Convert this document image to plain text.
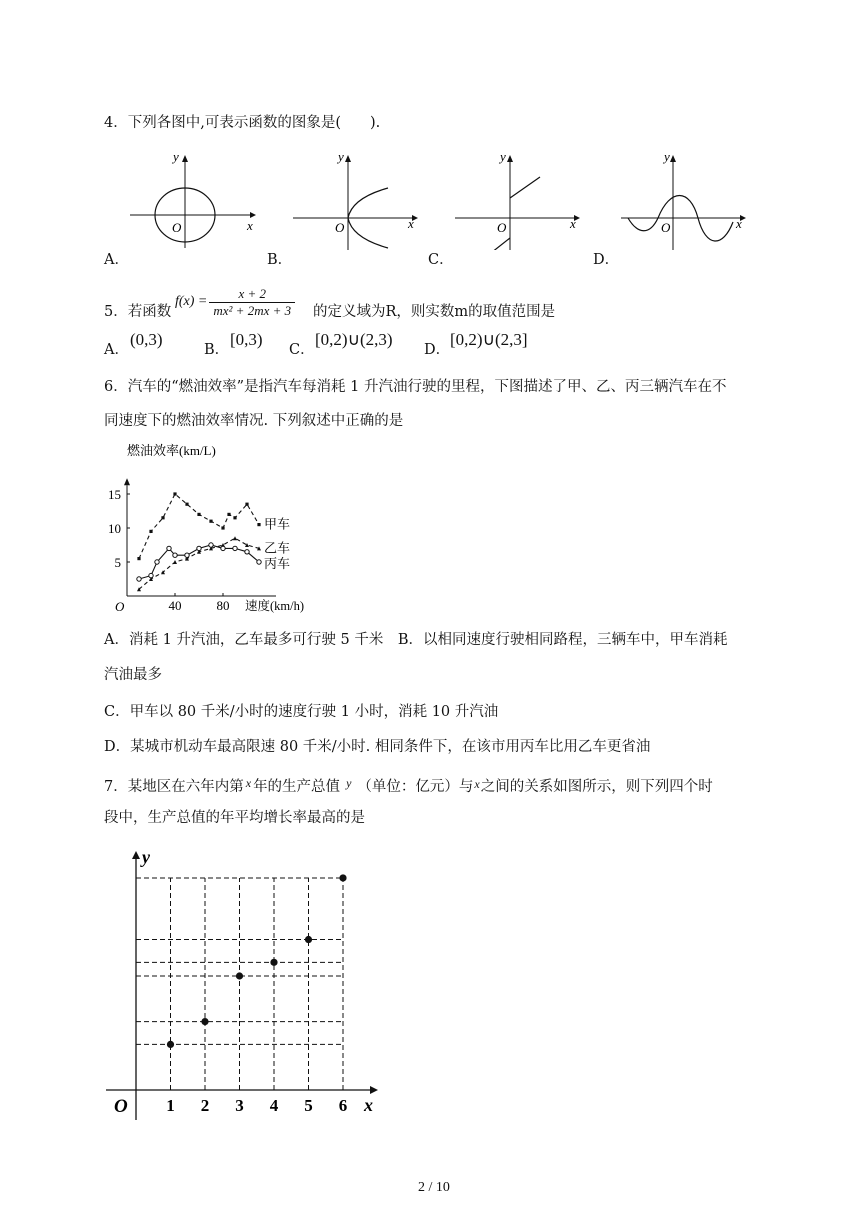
4．下列各图中,可表示函数的图象是(　　).
y
x
O
A．
y
x
O
B．
y
x
O
C．
y
x
O
D．
5．若函数
$f(x) = \frac{x + 2}{\text{mx² + 2mx + 3}}$ 的定义域为R，则实数m的取值范围是
A．
(0,3)
B．
[0,3)
C．
[0,2)∪(2,3)
D．
[0,2)∪(2,3]
6．汽车的“燃油效率”是指汽车每消耗 1 升汽油行驶的里程，下图描述了甲、乙、丙三辆汽车在不
同速度下的燃油效率情况. 下列叙述中正确的是
5
10
15
40	80
O
燃油效率(km/L)
速度(km/h)
甲车
乙车
丙车
A．消耗 1 升汽油，乙车最多可行驶 5 千米　B．以相同速度行驶相同路程，三辆车中，甲车消耗
汽油最多
C．甲车以 80 千米/小时的速度行驶 1 小时，消耗 10 升汽油
D．某城市机动车最高限速 80 千米/小时. 相同条件下，在该市用丙车比用乙车更省油
7．某地区在六年内第 $^x$ 年的生产总值 $^y$ （单位：亿元）与$^x$之间的关系如图所示，则下列四个时
段中，生产总值的年平均增长率最高的是
1 2 3 4 5 6
O	x
y
2 / 10
